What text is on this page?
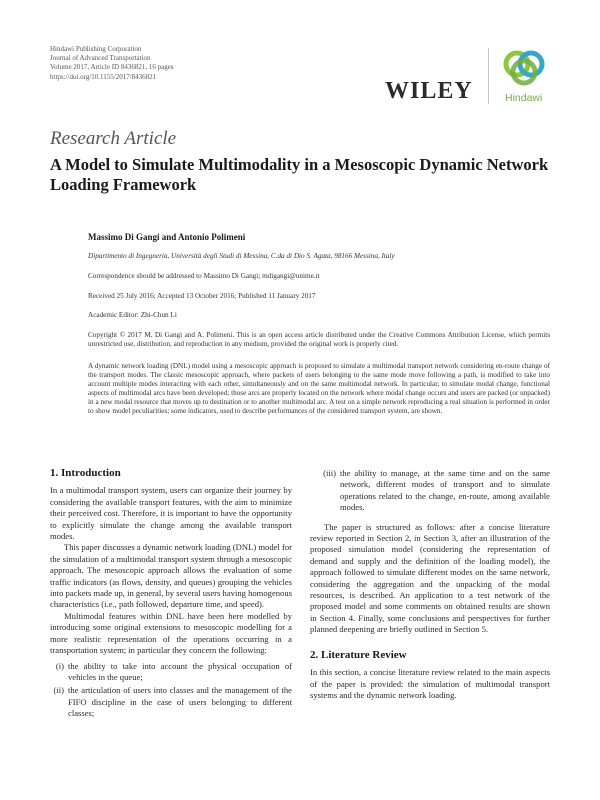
Hindawi Publishing Corporation
Journal of Advanced Transportation
Volume 2017, Article ID 8436821, 16 pages
https://doi.org/10.1155/2017/8436821
WILEY	Hindawi
Research Article
A Model to Simulate Multimodality in a Mesoscopic Dynamic Network Loading Framework
Massimo Di Gangi and Antonio Polimeni
Dipartimento di Ingegneria, Università degli Studi di Messina, C.da di Dio S. Agata, 98166 Messina, Italy
Correspondence should be addressed to Massimo Di Gangi; mdigangi@unime.it
Received 25 July 2016; Accepted 13 October 2016; Published 11 January 2017
Academic Editor: Zhi-Chun Li
Copyright © 2017 M. Di Gangi and A. Polimeni. This is an open access article distributed under the Creative Commons Attribution License, which permits unrestricted use, distribution, and reproduction in any medium, provided the original work is properly cited.
A dynamic network loading (DNL) model using a mesoscopic approach is proposed to simulate a multimodal transport network considering en-route change of the transport modes. The classic mesoscopic approach, where packets of users belonging to the same mode move following a path, is modified to take into account multiple modes interacting with each other, simultaneously and on the same multimodal network. In particular, to simulate modal change, functional aspects of multimodal arcs have been developed; those arcs are properly located on the network where modal change occurs and users are packed (or unpacked) in a new modal resource that moves up to destination or to another multimodal arc. A test on a simple network reproducing a real situation is performed in order to show model peculiarities; some indicators, used to describe performances of the considered transport system, are shown.
1. Introduction

In a multimodal transport system, users can organize their journey by considering the available transport features, with the aim to minimize their perceived cost. Therefore, it is important to have the opportunity to explicitly simulate the change among the available transport modes.

This paper discusses a dynamic network loading (DNL) model for the simulation of a multimodal transport system through a mesoscopic approach. The mesoscopic approach allows the evaluation of some traffic indicators (as flows, density, and queues) grouping the vehicles into packets made up, in general, by several users having homogenous characteristics (i.e., path followed, departure time, and speed).

Multimodal features within DNL have been here modelled by introducing some original extensions to mesoscopic modelling for a more realistic representation of the operations occurring in a transportation system; in particular they concern the following:

(i) the ability to take into account the physical occupation of vehicles in the queue;
(ii) the articulation of users into classes and the management of the FIFO discipline in the case of users belonging to different classes;
(iii) the ability to manage, at the same time and on the same network, different modes of transport and to simulate operations related to the change, en-route, among available modes.

The paper is structured as follows: after a concise literature review reported in Section 2, in Section 3, after an illustration of the proposed simulation model (considering the representation of demand and supply and the definition of the loading model), the approach followed to simulate different modes on the same network, considering the aggregation and the unpacking of the modal resources, is described. An application to a test network of the proposed model and some comments on obtained results are shown in Section 4. Finally, some conclusions and perspectives for further planned deepening are briefly outlined in Section 5.

2. Literature Review

In this section, a concise literature review related to the main aspects of the paper is provided: the simulation of multimodal transport systems and the dynamic network loading.
